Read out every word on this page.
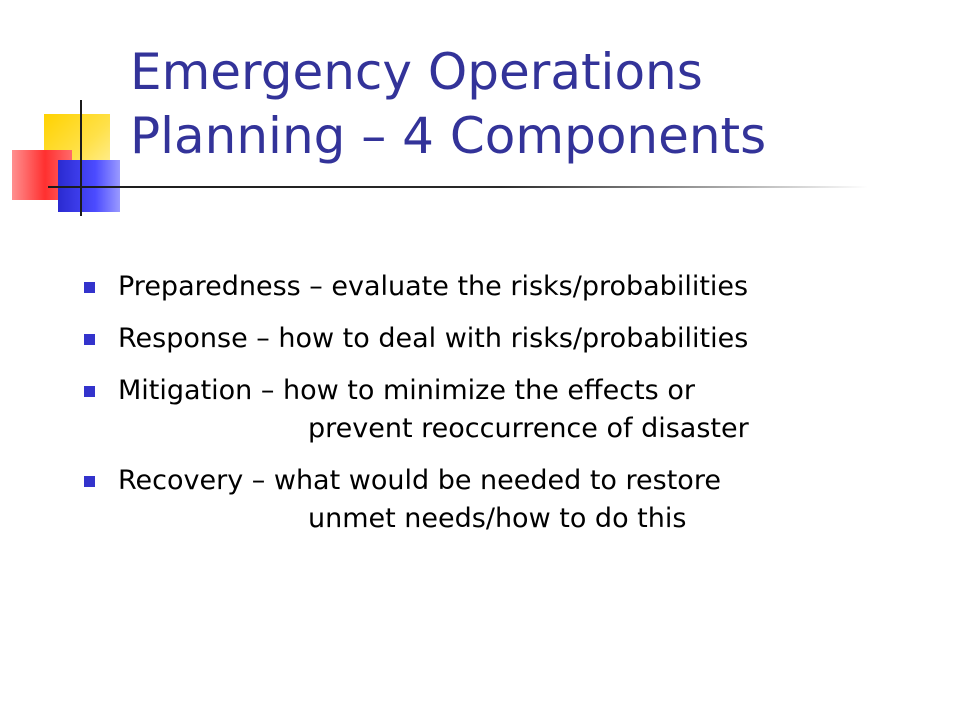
Emergency Operations
Planning – 4 Components
Preparedness – evaluate the risks/probabilities
Response – how to deal with risks/probabilities
Mitigation – how to minimize the effects or
prevent reoccurrence of disaster
Recovery – what would be needed to restore
unmet needs/how to do this
